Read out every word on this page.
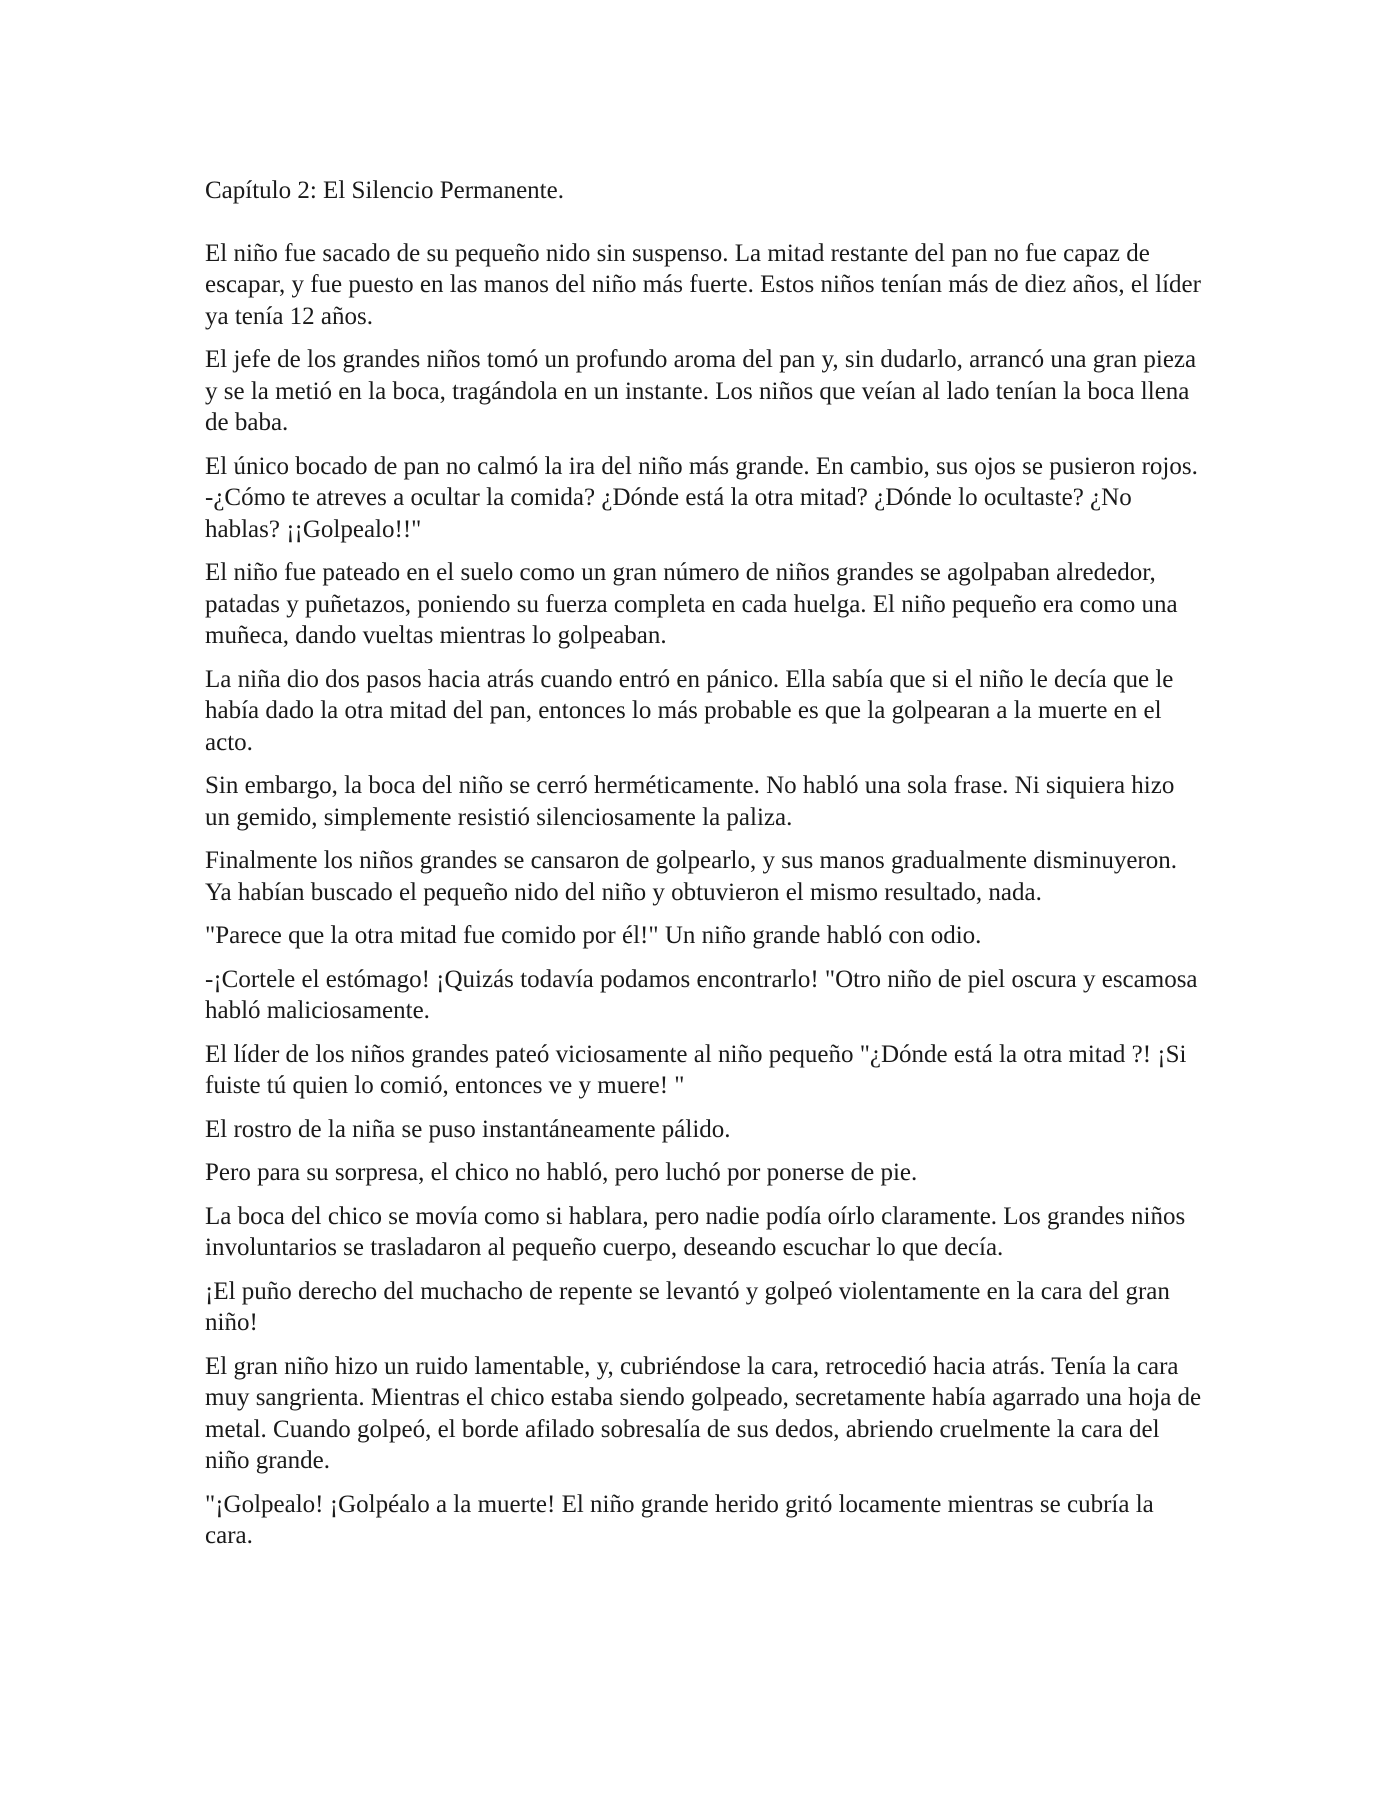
Capítulo 2: El Silencio Permanente.

El niño fue sacado de su pequeño nido sin suspenso. La mitad restante del pan no fue capaz de escapar, y fue puesto en las manos del niño más fuerte. Estos niños tenían más de diez años, el líder ya tenía 12 años.

El jefe de los grandes niños tomó un profundo aroma del pan y, sin dudarlo, arrancó una gran pieza y se la metió en la boca, tragándola en un instante. Los niños que veían al lado tenían la boca llena de baba.

El único bocado de pan no calmó la ira del niño más grande. En cambio, sus ojos se pusieron rojos. -¿Cómo te atreves a ocultar la comida? ¿Dónde está la otra mitad? ¿Dónde lo ocultaste? ¿No hablas? ¡¡Golpealo!!"

El niño fue pateado en el suelo como un gran número de niños grandes se agolpaban alrededor, patadas y puñetazos, poniendo su fuerza completa en cada huelga. El niño pequeño era como una muñeca, dando vueltas mientras lo golpeaban.

La niña dio dos pasos hacia atrás cuando entró en pánico. Ella sabía que si el niño le decía que le había dado la otra mitad del pan, entonces lo más probable es que la golpearan a la muerte en el acto.

Sin embargo, la boca del niño se cerró herméticamente. No habló una sola frase. Ni siquiera hizo un gemido, simplemente resistió silenciosamente la paliza.

Finalmente los niños grandes se cansaron de golpearlo, y sus manos gradualmente disminuyeron. Ya habían buscado el pequeño nido del niño y obtuvieron el mismo resultado, nada.

"Parece que la otra mitad fue comido por él!" Un niño grande habló con odio.

-¡Cortele el estómago! ¡Quizás todavía podamos encontrarlo! "Otro niño de piel oscura y escamosa habló maliciosamente.

El líder de los niños grandes pateó viciosamente al niño pequeño "¿Dónde está la otra mitad ?! ¡Si fuiste tú quien lo comió, entonces ve y muere! "

El rostro de la niña se puso instantáneamente pálido.

Pero para su sorpresa, el chico no habló, pero luchó por ponerse de pie.

La boca del chico se movía como si hablara, pero nadie podía oírlo claramente. Los grandes niños involuntarios se trasladaron al pequeño cuerpo, deseando escuchar lo que decía.

¡El puño derecho del muchacho de repente se levantó y golpeó violentamente en la cara del gran niño!

El gran niño hizo un ruido lamentable, y, cubriéndose la cara, retrocedió hacia atrás. Tenía la cara muy sangrienta. Mientras el chico estaba siendo golpeado, secretamente había agarrado una hoja de metal. Cuando golpeó, el borde afilado sobresalía de sus dedos, abriendo cruelmente la cara del niño grande.

"¡Golpealo! ¡Golpéalo a la muerte! El niño grande herido gritó locamente mientras se cubría la cara.
